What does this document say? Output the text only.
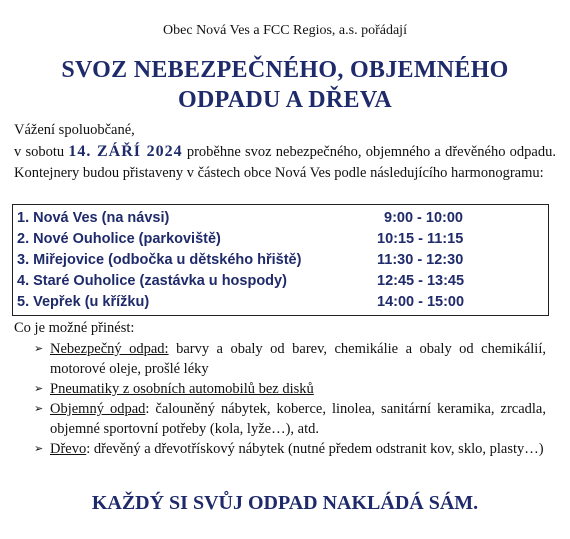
Obec Nová Ves a FCC Regios, a.s. pořádají
SVOZ NEBEZPEČNÉHO, OBJEMNÉHO
ODPADU A DŘEVA
Vážení spoluobčané,
v sobotu 14. ZÁŘÍ 2024 proběhne svoz nebezpečného, objemného a dřevěného odpadu. Kontejnery budou přistaveny v částech obce Nová Ves podle následujícího harmonogramu:
1. Nová Ves (na návsi)	9:00 - 10:00
2. Nové Ouholice (parkoviště)	10:15 - 11:15
3. Miřejovice (odbočka u dětského hřiště)	11:30 - 12:30
4. Staré Ouholice (zastávka u hospody)	12:45 - 13:45
5. Vepřek (u křížku)	14:00 - 15:00
Co je možné přinést:
➢ Nebezpečný odpad: barvy a obaly od barev, chemikálie a obaly od chemikálií, motorové oleje, prošlé léky
➢ Pneumatiky z osobních automobilů bez disků
➢ Objemný odpad: čalouněný nábytek, koberce, linolea, sanitární keramika, zrcadla, objemné sportovní potřeby (kola, lyže…), atd.
➢ Dřevo: dřevěný a dřevotřískový nábytek (nutné předem odstranit kov, sklo, plasty…)
KAŽDÝ SI SVŮJ ODPAD NAKLÁDÁ SÁM.
